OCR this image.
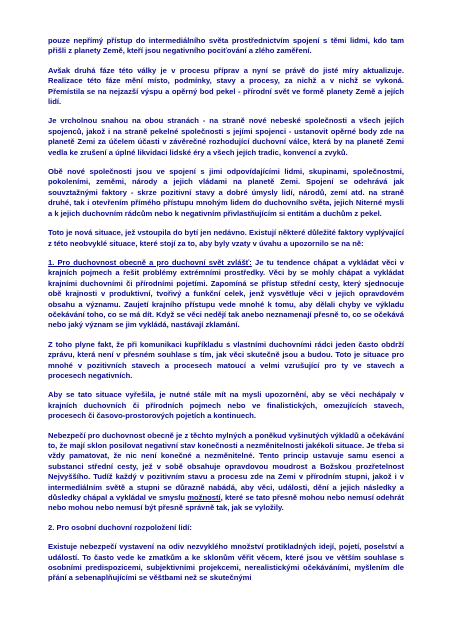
pouze nepřímý přístup do intermediálního světa prostřednictvím spojení s těmi lidmi, kdo tam přišli z planety Země, kteří jsou negativního pociťování a zlého zaměření.

Avšak druhá fáze této války je v procesu příprav a nyní se právě do jisté míry aktualizuje. Realizace této fáze mění místo, podmínky, stavy a procesy, za nichž a v nichž se vykoná. Přemístila se na nejzazší výspu a opěrný bod pekel - přírodní svět ve formě planety Země a jejích lidí.

Je vrcholnou snahou na obou stranách - na straně nové nebeské společnosti a všech jejích spojenců, jakož i na straně pekelné společnosti s jejími spojenci - ustanovit opěrné body zde na planetě Zemi za účelem účasti v závěrečné rozhodující duchovní válce, která by na planetě Zemi vedla ke zrušení a úplné likvidaci lidské éry a všech jejích tradic, konvencí a zvyků.

Obě nové společnosti jsou ve spojení s jimi odpovídajícími lidmi, skupinami, společnostmi, pokoleními, zeměmi, národy a jejich vládami na planetě Zemi. Spojení se odehrává jak souvztažnými faktory - skrze pozitivní stavy a dobré úmysly lidí, národů, zemí atd. na straně druhé, tak i otevřením přímého přístupu mnohým lidem do duchovního světa, jejich Niterné mysli a k jejich duchovním rádcům nebo k negativním přivlastňujícím si entitám a duchům z pekel.

Toto je nová situace, jež vstoupila do bytí jen nedávno. Existují některé důležité faktory vyplývající z této neobvyklé situace, které stojí za to, aby byly vzaty v úvahu a upozornilo se na ně:

1. Pro duchovnost obecně a pro duchovní svět zvlášť: Je tu tendence chápat a vykládat věci v krajních pojmech a řešit problémy extrémními prostředky. Věci by se mohly chápat a vykládat krajními duchovními či přírodními pojetími. Zapomíná se přístup střední cesty, který sjednocuje obě krajnosti v produktivní, tvořivý a funkční celek, jenž vysvětluje věci v jejich opravdovém obsahu a významu. Zaujetí krajního přístupu vede mnohé k tomu, aby dělali chyby ve výkladu očekávání toho, co se má dít. Když se věci nedějí tak anebo neznamenají přesně to, co se očekává nebo jaký význam se jim vykládá, nastávají zklamání.

Z toho plyne fakt, že při komunikaci kupříkladu s vlastními duchovními rádci jeden často obdrží zprávu, která není v přesném souhlase s tím, jak věci skutečně jsou a budou. Toto je situace pro mnohé v pozitivních stavech a procesech matoucí a velmi vzrušující pro ty ve stavech a procesech negativních.

Aby se tato situace vyřešila, je nutné stále mít na mysli upozornění, aby se věci nechápaly v krajních duchovních či přírodních pojmech nebo ve finalistických, omezujících stavech, procesech či časovo-prostorových pojetích a kontinuech.

Nebezpečí pro duchovnost obecně je z těchto mylných a poněkud vyšinutých výkladů a očekávání to, že mají sklon posilovat negativní stav konečnosti a nezměnitelnosti jakékoli situace. Je třeba si vždy pamatovat, že nic není konečné a nezměnitelné. Tento princip ustavuje samu esenci a substanci střední cesty, jež v sobě obsahuje opravdovou moudrost a Božskou prozřetelnost Nejvyššího. Tudíž každý v pozitivním stavu a procesu zde na Zemi v přírodním stupni, jakož i v intermediálním světě a stupni se důrazně nabádá, aby věci, události, dění a jejich následky a důsledky chápal a vykládal ve smyslu možností, které se tato přesně mohou nebo nemusí odehrát nebo mohou nebo nemusí být přesně správně tak, jak se vyložily.

2. Pro osobní duchovní rozpoložení lidí:

Existuje nebezpečí vystavení na odiv nezvyklého množství protikladných idejí, pojetí, poselství a událostí. To často vede ke zmatkům a ke sklonům věřit věcem, které jsou ve větším souhlase s osobními predispozicemi, subjektivními projekcemi, nerealistickými očekáváními, myšlením dle přání a sebenaplňujícími se věštbami než se skutečnými
